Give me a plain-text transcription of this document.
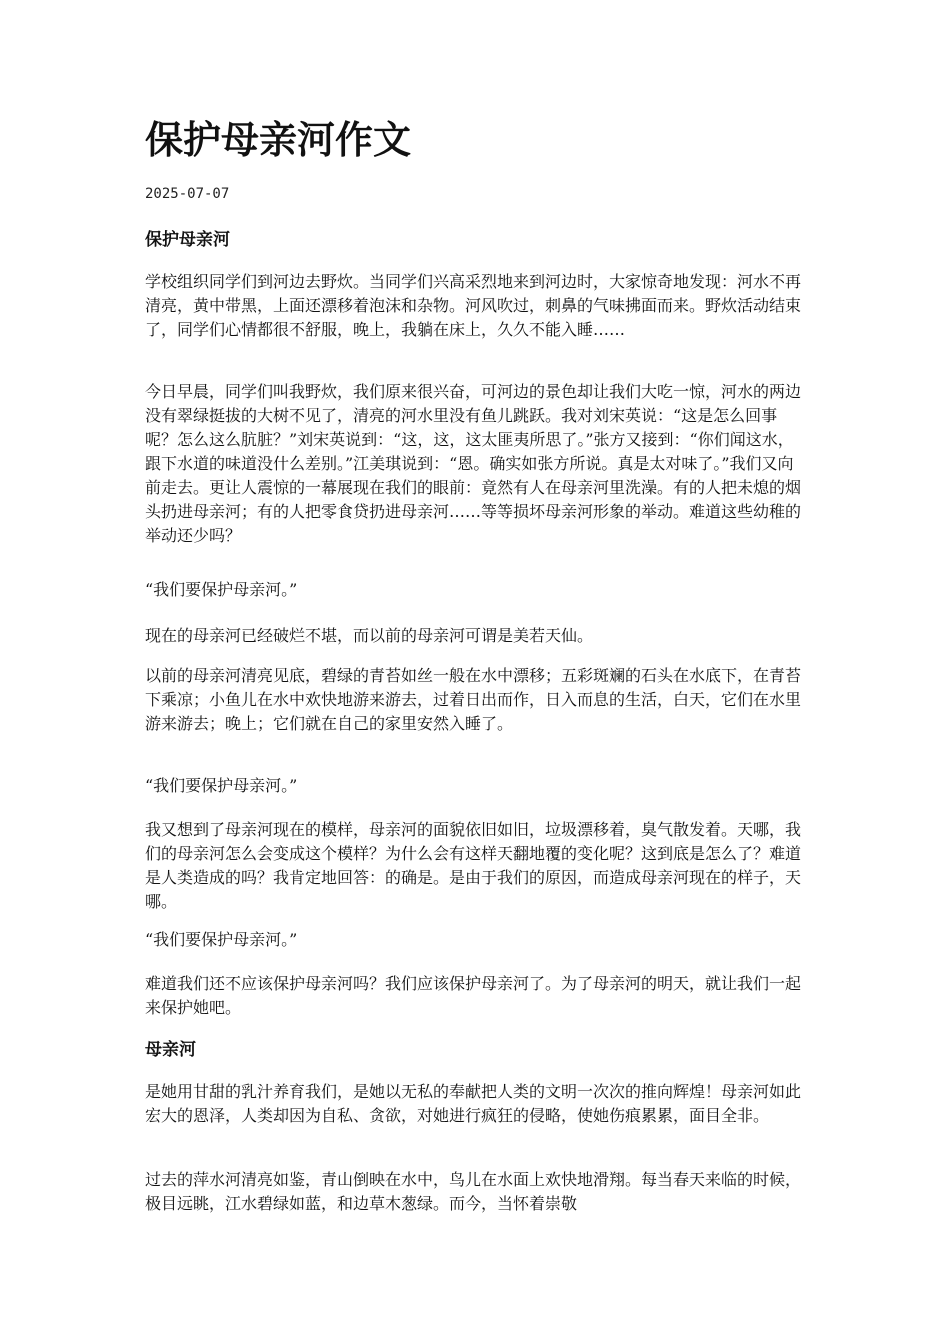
保护母亲河作文
2025-07-07
保护母亲河

学校组织同学们到河边去野炊。当同学们兴高采烈地来到河边时，大家惊奇地发现：河水不再清亮，黄中带黑，上面还漂移着泡沫和杂物。河风吹过，刺鼻的气味拂面而来。野炊活动结束了，同学们心情都很不舒服，晚上，我躺在床上，久久不能入睡……

今日早晨，同学们叫我野炊，我们原来很兴奋，可河边的景色却让我们大吃一惊，河水的两边没有翠绿挺拔的大树不见了，清亮的河水里没有鱼儿跳跃。我对刘宋英说：“这是怎么回事呢？怎么这么肮脏？”刘宋英说到：“这，这，这太匪夷所思了。”张方又接到：“你们闻这水，跟下水道的味道没什么差别。”江美琪说到：“恩。确实如张方所说。真是太对味了。”我们又向前走去。更让人震惊的一幕展现在我们的眼前：竟然有人在母亲河里洗澡。有的人把未熄的烟头扔进母亲河；有的人把零食贷扔进母亲河……等等损坏母亲河形象的举动。难道这些幼稚的举动还少吗？

“我们要保护母亲河。”

现在的母亲河已经破烂不堪，而以前的母亲河可谓是美若天仙。

以前的母亲河清亮见底，碧绿的青苔如丝一般在水中漂移；五彩斑斓的石头在水底下，在青苔下乘凉；小鱼儿在水中欢快地游来游去，过着日出而作，日入而息的生活，白天，它们在水里游来游去；晚上；它们就在自己的家里安然入睡了。

“我们要保护母亲河。”

我又想到了母亲河现在的模样，母亲河的面貌依旧如旧，垃圾漂移着，臭气散发着。天哪，我们的母亲河怎么会变成这个模样？为什么会有这样天翻地覆的变化呢？这到底是怎么了？难道是人类造成的吗？我肯定地回答：的确是。是由于我们的原因，而造成母亲河现在的样子，天哪。

“我们要保护母亲河。”

难道我们还不应该保护母亲河吗？我们应该保护母亲河了。为了母亲河的明天，就让我们一起来保护她吧。

母亲河

是她用甘甜的乳汁养育我们，是她以无私的奉献把人类的文明一次次的推向辉煌！母亲河如此宏大的恩泽，人类却因为自私、贪欲，对她进行疯狂的侵略，使她伤痕累累，面目全非。

过去的萍水河清亮如鉴，青山倒映在水中，鸟儿在水面上欢快地滑翔。每当春天来临的时候，极目远眺，江水碧绿如蓝，和边草木葱绿。而今，当怀着崇敬
